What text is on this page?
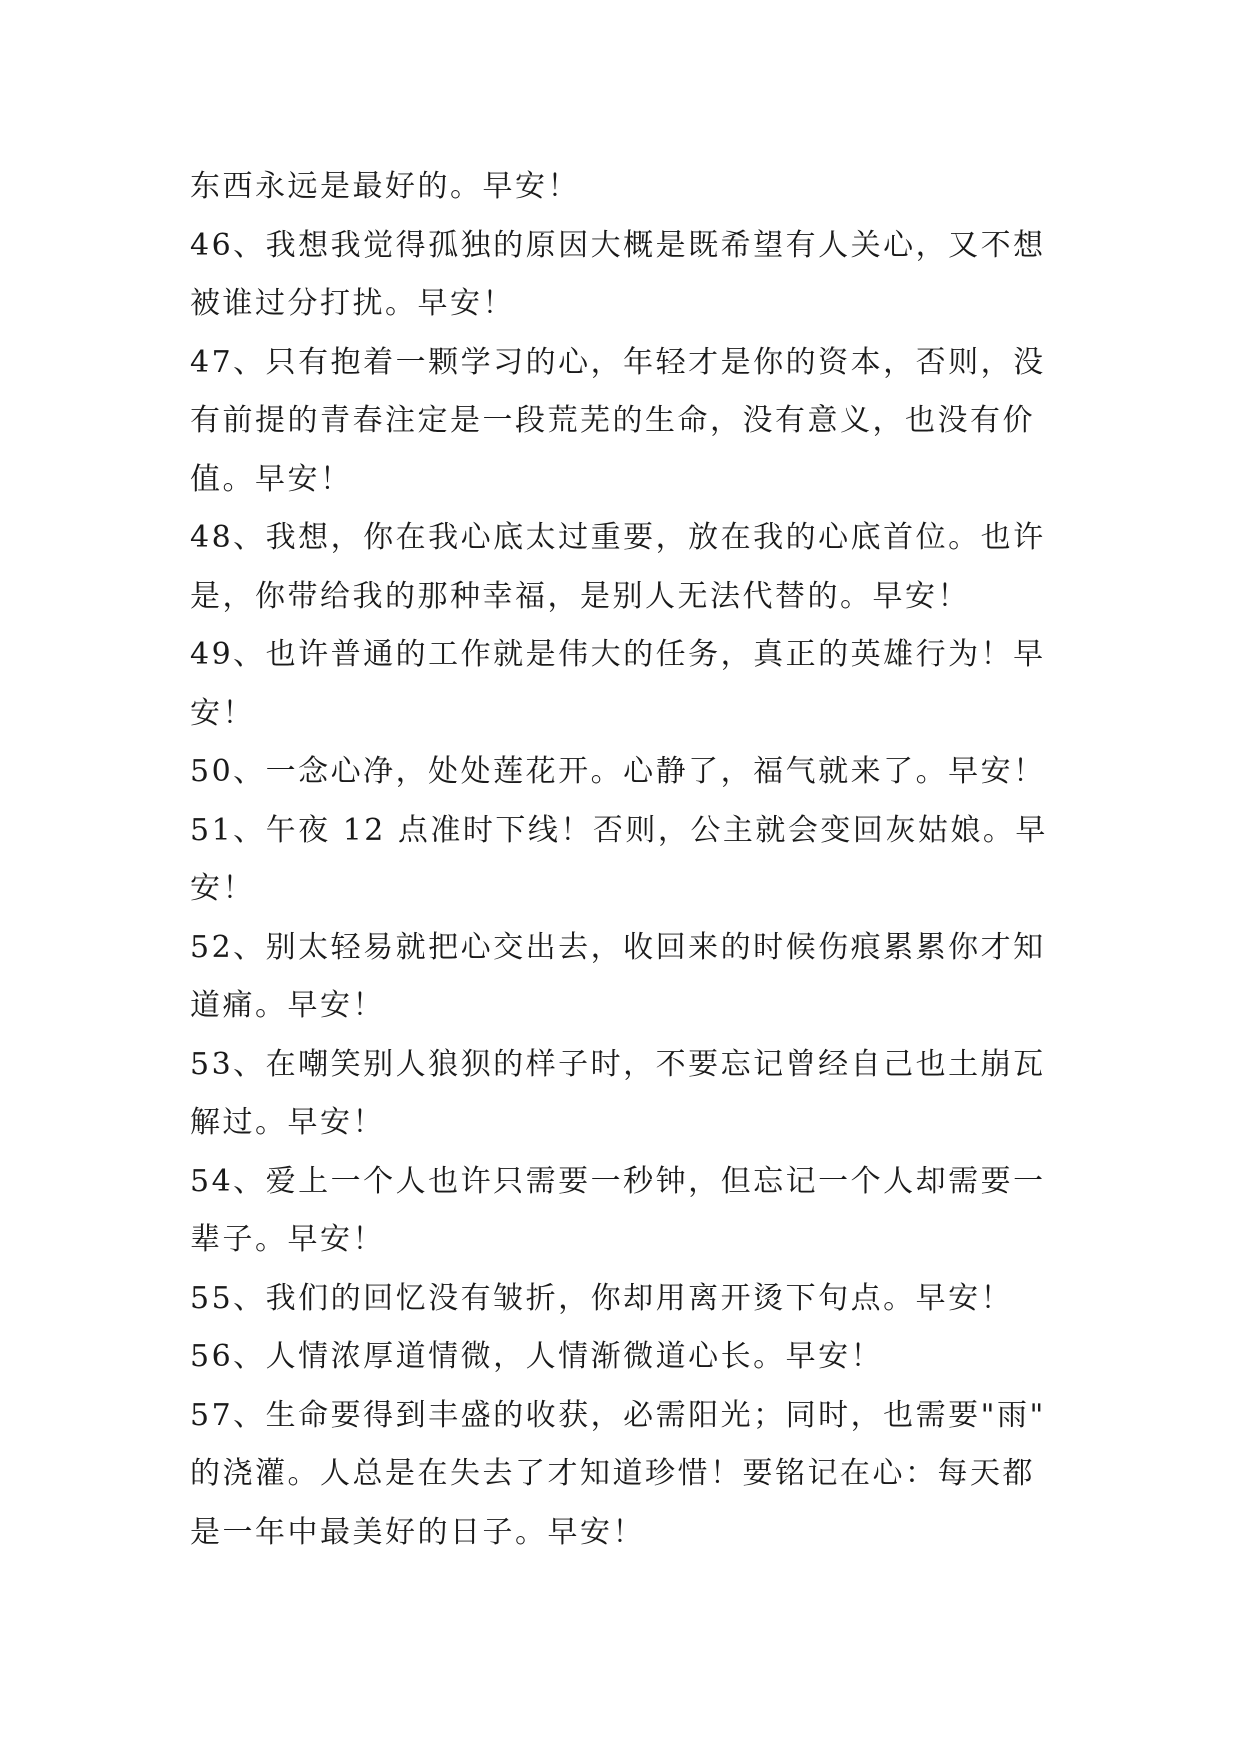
东西永远是最好的。早安！
46、我想我觉得孤独的原因大概是既希望有人关心，又不想
被谁过分打扰。早安！
47、只有抱着一颗学习的心，年轻才是你的资本，否则，没
有前提的青春注定是一段荒芜的生命，没有意义，也没有价
值。早安！
48、我想，你在我心底太过重要，放在我的心底首位。也许
是，你带给我的那种幸福，是别人无法代替的。早安！
49、也许普通的工作就是伟大的任务，真正的英雄行为！早
安！
50、一念心净，处处莲花开。心静了，福气就来了。早安！
51、午夜 12 点准时下线！否则，公主就会变回灰姑娘。早
安！
52、别太轻易就把心交出去，收回来的时候伤痕累累你才知
道痛。早安！
53、在嘲笑别人狼狈的样子时，不要忘记曾经自己也土崩瓦
解过。早安！
54、爱上一个人也许只需要一秒钟，但忘记一个人却需要一
辈子。早安！
55、我们的回忆没有皱折，你却用离开烫下句点。早安！
56、人情浓厚道情微，人情渐微道心长。早安！
57、生命要得到丰盛的收获，必需阳光；同时，也需要"雨"
的浇灌。人总是在失去了才知道珍惜！要铭记在心：每天都
是一年中最美好的日子。早安！
